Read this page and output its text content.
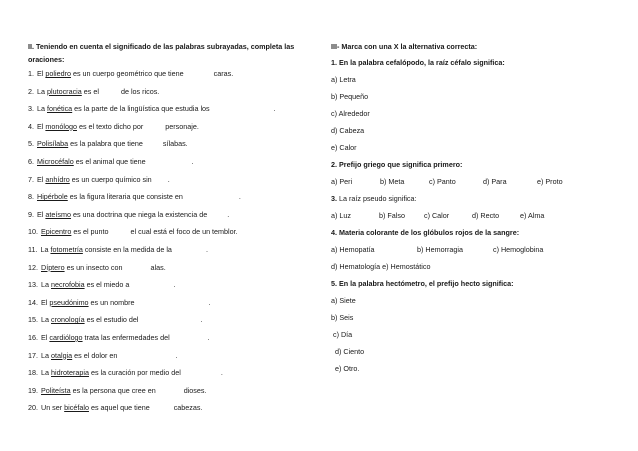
II. Teniendo en cuenta el significado de las palabras subrayadas, completa las oraciones:
1. El poliedro es un cuerpo geométrico que tiene	caras.
2. La plutocracia es el	de los ricos.
3. La fonética es la parte de la lingüística que estudia los	.
4. El monólogo es el texto dicho por	personaje.
5. Polisílaba es la palabra que tiene	sílabas.
6. Microcéfalo es el animal que tiene	.
7. El anhídro es un cuerpo químico sin .
8. Hipérbole es la figura literaria que consiste en	.
9. El ateísmo es una doctrina que niega la existencia de	.
10. Epicentro es el punto	el cual está el foco de un temblor.
11. La fotometría consiste en la medida de la	.
12. Díptero es un insecto con	alas.
13. La necrofobia es el miedo a	.
14. El pseudónimo es un nombre	.
15. La cronología es el estudio del	.
16. El cardiólogo trata las enfermedades del	.
17. La otalgia es el dolor en	.
18. La hidroterapia es la curación por medio del	.
19. Politeísta es la persona que cree en	dioses.
20. Un ser bicéfalo es aquel que tiene	cabezas.
III- Marca con una X la alternativa correcta:
1. En la palabra cefalópodo, la raíz céfalo significa:
a) Letra
b) Pequeño
c) Alrededor
d) Cabeza
e) Calor
2. Prefijo griego que significa primero:
a) Peri	b) Meta	c) Panto	d) Para	e) Proto
3. La raíz pseudo significa:
a) Luz	b) Falso	c) Calor	d) Recto	e) Alma
4. Materia colorante de los glóbulos rojos de la sangre:
a) Hemopatía	b) Hemorragia	c) Hemoglobina
d) Hematología e) Hemostático
5. En la palabra hectómetro, el prefijo hecto significa:
a) Siete
b) Seis
c) Día
d) Ciento
e) Otro.
